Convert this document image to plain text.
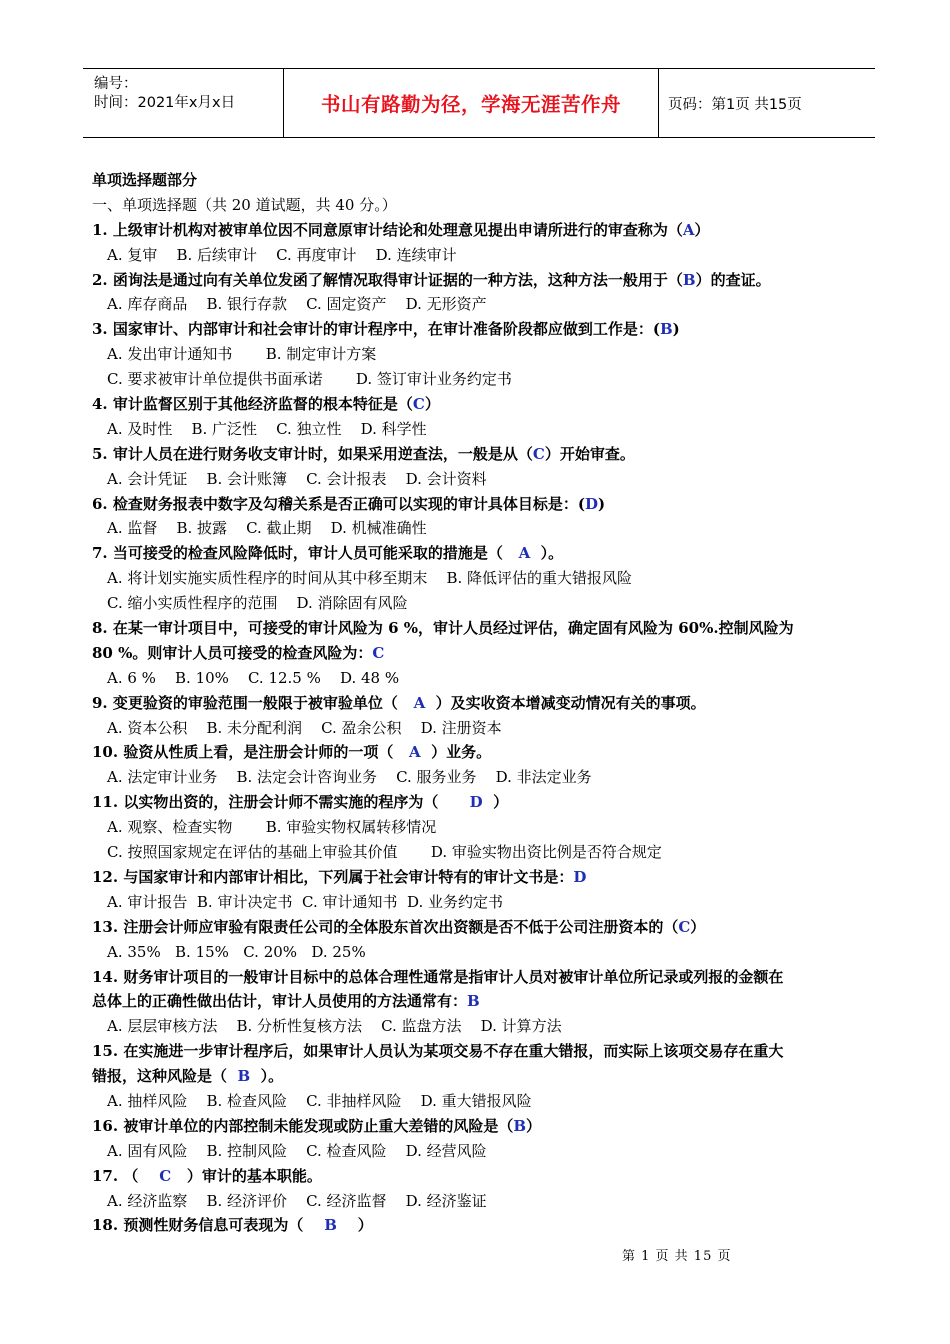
编号：
时间：2021年x月x日	书山有路勤为径，学海无涯苦作舟	页码：第1页 共15页
单项选择题部分
一、单项选择题（共 20 道试题，共 40 分。）
1. 上级审计机构对被审单位因不同意原审计结论和处理意见提出申请所进行的审查称为（A）
A. 复审    B. 后续审计    C. 再度审计    D. 连续审计
2. 函询法是通过向有关单位发函了解情况取得审计证据的一种方法，这种方法一般用于（B）的查证。
A. 库存商品    B. 银行存款    C. 固定资产    D. 无形资产
3. 国家审计、内部审计和社会审计的审计程序中，在审计准备阶段都应做到工作是：(B)
A. 发出审计通知书       B. 制定审计方案
C. 要求被审计单位提供书面承诺       D. 签订审计业务约定书
4. 审计监督区别于其他经济监督的根本特征是（C）
A. 及时性    B. 广泛性    C. 独立性    D. 科学性
5. 审计人员在进行财务收支审计时，如果采用逆查法，一般是从（C）开始审查。
A. 会计凭证    B. 会计账簿    C. 会计报表    D. 会计资料
6. 检查财务报表中数字及勾稽关系是否正确可以实现的审计具体目标是：(D)
A. 监督    B. 披露    C. 截止期    D. 机械准确性
7. 当可接受的检查风险降低时，审计人员可能采取的措施是（   A  ）。
A. 将计划实施实质性程序的时间从其中移至期末    B. 降低评估的重大错报风险
C. 缩小实质性程序的范围    D. 消除固有风险
8. 在某一审计项目中，可接受的审计风险为 6 %，审计人员经过评估，确定固有风险为 60%.控制风险为
80 %。则审计人员可接受的检查风险为：C
A. 6 %    B. 10%    C. 12.5 %    D. 48 %
9. 变更验资的审验范围一般限于被审验单位（   A  ）及实收资本增减变动情况有关的事项。
A. 资本公积    B. 未分配利润    C. 盈余公积    D. 注册资本
10. 验资从性质上看，是注册会计师的一项（   A  ）业务。
A. 法定审计业务    B. 法定会计咨询业务    C. 服务业务    D. 非法定业务
11. 以实物出资的，注册会计师不需实施的程序为（      D  ）
A. 观察、检查实物       B. 审验实物权属转移情况
C. 按照国家规定在评估的基础上审验其价值       D. 审验实物出资比例是否符合规定
12. 与国家审计和内部审计相比，下列属于社会审计特有的审计文书是：D
A. 审计报告  B. 审计决定书  C. 审计通知书  D. 业务约定书
13. 注册会计师应审验有限责任公司的全体股东首次出资额是否不低于公司注册资本的（C）
A. 35%   B. 15%   C. 20%   D. 25%
14. 财务审计项目的一般审计目标中的总体合理性通常是指审计人员对被审计单位所记录或列报的金额在
总体上的正确性做出估计，审计人员使用的方法通常有：B
A. 层层审核方法    B. 分析性复核方法    C. 监盘方法    D. 计算方法
15. 在实施进一步审计程序后，如果审计人员认为某项交易不存在重大错报，而实际上该项交易存在重大
错报，这种风险是（  B  ）。
A. 抽样风险    B. 检查风险    C. 非抽样风险    D. 重大错报风险
16. 被审计单位的内部控制未能发现或防止重大差错的风险是（B）
A. 固有风险    B. 控制风险    C. 检查风险    D. 经营风险
17. （    C   ）审计的基本职能。
A. 经济监察    B. 经济评价    C. 经济监督    D. 经济鉴证
18. 预测性财务信息可表现为（    B    ）
第 1 页 共 15 页
